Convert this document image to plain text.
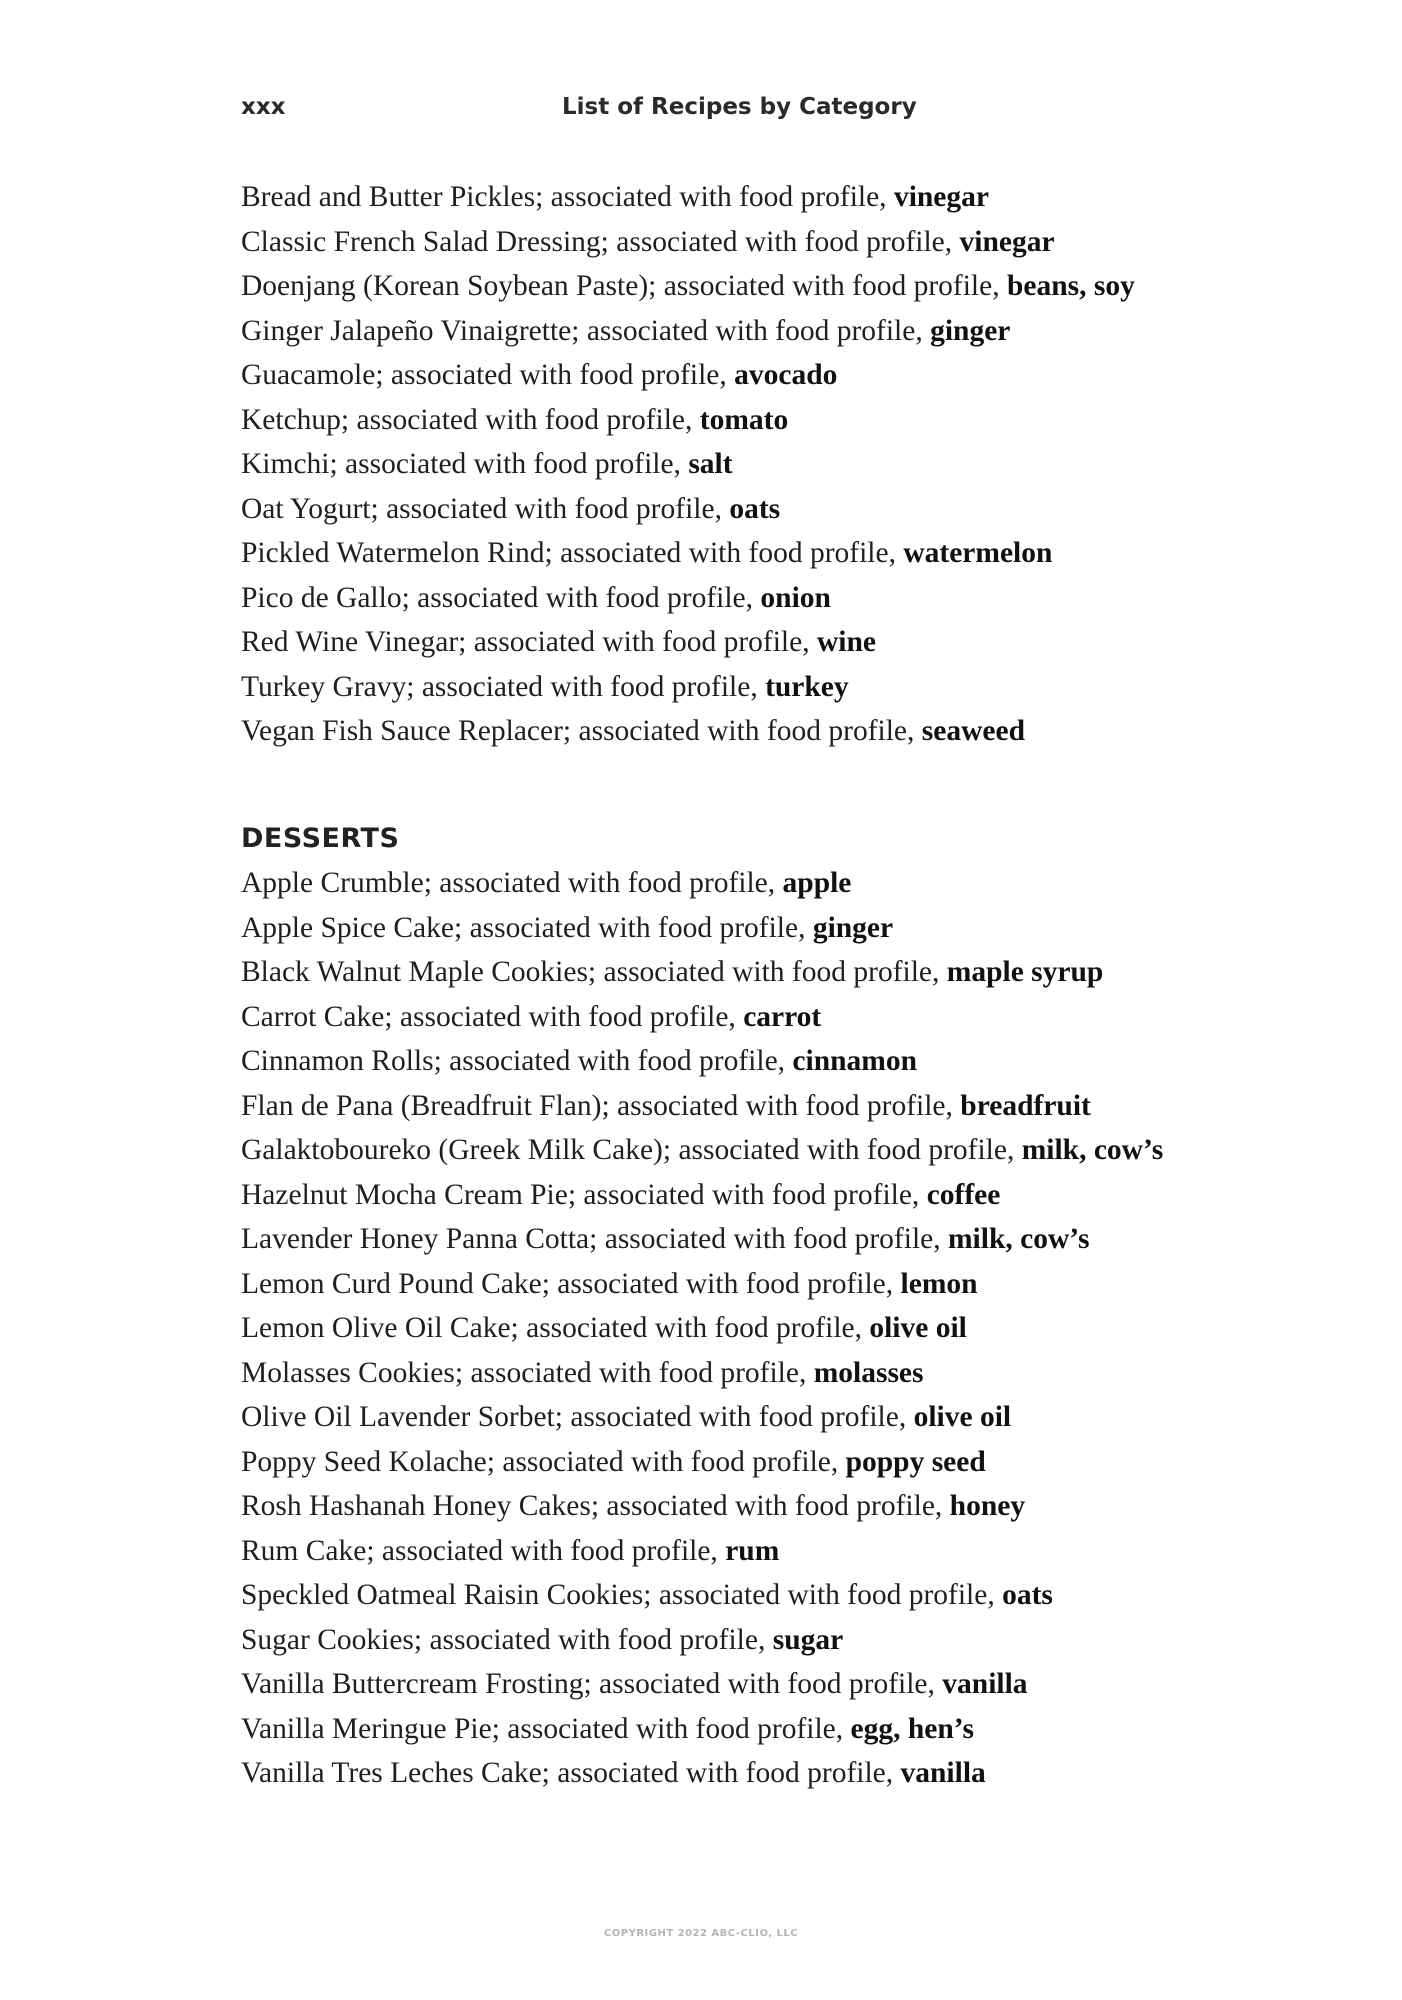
xxx	List of Recipes by Category
Bread and Butter Pickles; associated with food profile, vinegar
Classic French Salad Dressing; associated with food profile, vinegar
Doenjang (Korean Soybean Paste); associated with food profile, beans, soy
Ginger Jalapeño Vinaigrette; associated with food profile, ginger
Guacamole; associated with food profile, avocado
Ketchup; associated with food profile, tomato
Kimchi; associated with food profile, salt
Oat Yogurt; associated with food profile, oats
Pickled Watermelon Rind; associated with food profile, watermelon
Pico de Gallo; associated with food profile, onion
Red Wine Vinegar; associated with food profile, wine
Turkey Gravy; associated with food profile, turkey
Vegan Fish Sauce Replacer; associated with food profile, seaweed
DESSERTS
Apple Crumble; associated with food profile, apple
Apple Spice Cake; associated with food profile, ginger
Black Walnut Maple Cookies; associated with food profile, maple syrup
Carrot Cake; associated with food profile, carrot
Cinnamon Rolls; associated with food profile, cinnamon
Flan de Pana (Breadfruit Flan); associated with food profile, breadfruit
Galaktoboureko (Greek Milk Cake); associated with food profile, milk, cow’s
Hazelnut Mocha Cream Pie; associated with food profile, coffee
Lavender Honey Panna Cotta; associated with food profile, milk, cow’s
Lemon Curd Pound Cake; associated with food profile, lemon
Lemon Olive Oil Cake; associated with food profile, olive oil
Molasses Cookies; associated with food profile, molasses
Olive Oil Lavender Sorbet; associated with food profile, olive oil
Poppy Seed Kolache; associated with food profile, poppy seed
Rosh Hashanah Honey Cakes; associated with food profile, honey
Rum Cake; associated with food profile, rum
Speckled Oatmeal Raisin Cookies; associated with food profile, oats
Sugar Cookies; associated with food profile, sugar
Vanilla Buttercream Frosting; associated with food profile, vanilla
Vanilla Meringue Pie; associated with food profile, egg, hen’s
Vanilla Tres Leches Cake; associated with food profile, vanilla
COPYRIGHT 2022 ABC-CLIO, LLC
